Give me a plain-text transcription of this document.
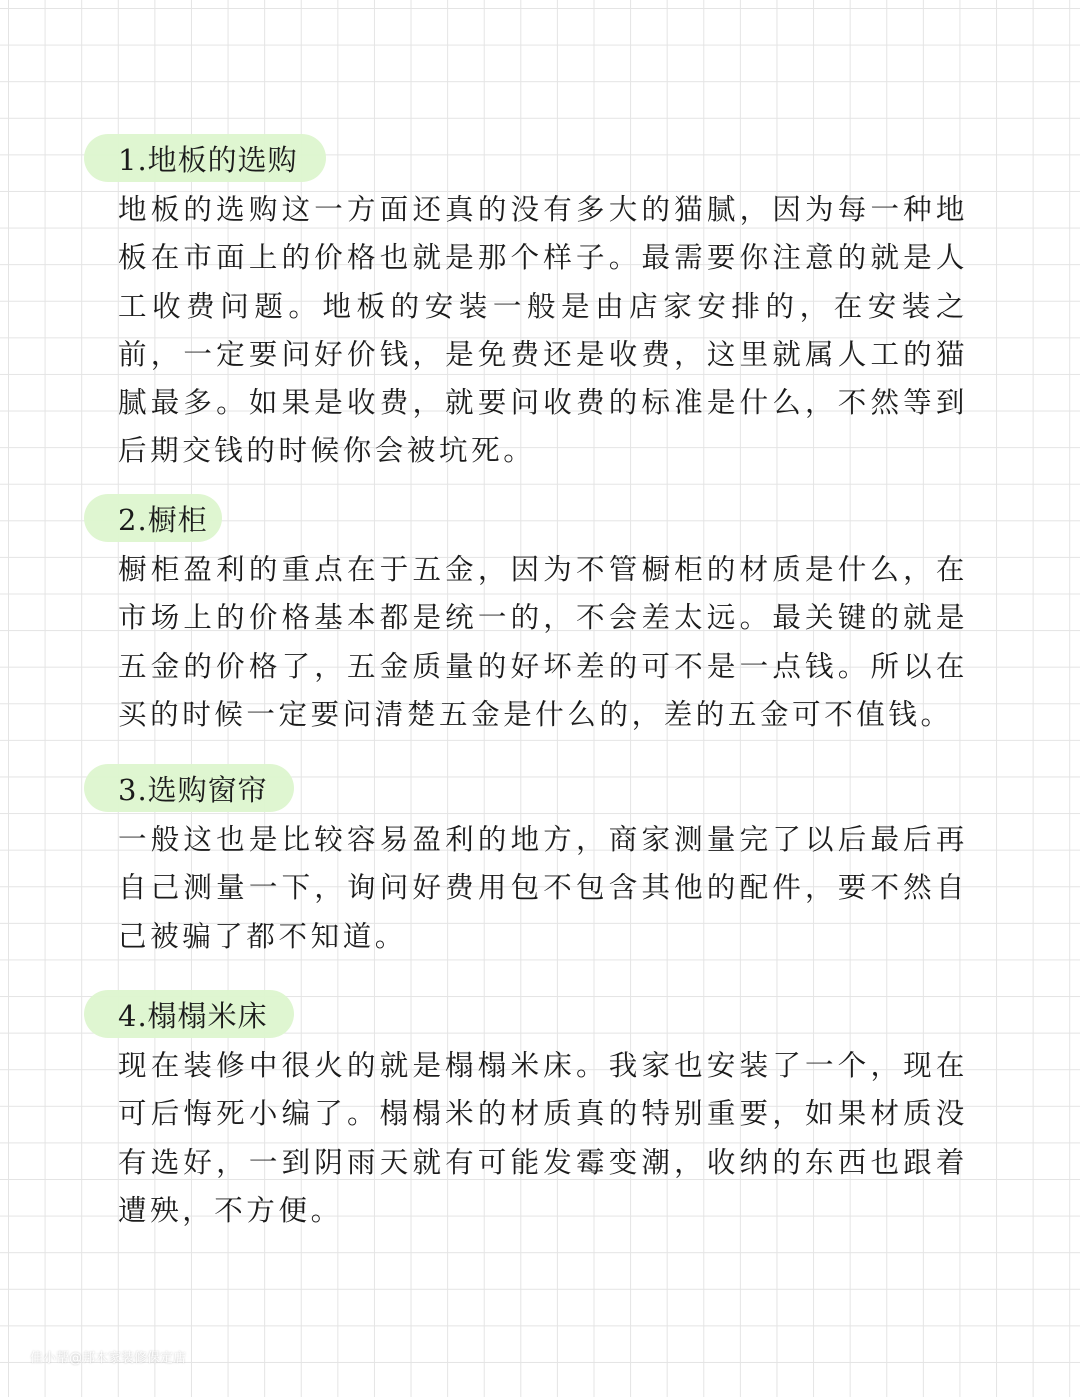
1.地板的选购

地板的选购这一方面还真的没有多大的猫腻，因为每一种地板在市面上的价格也就是那个样子。最需要你注意的就是人工收费问题。地板的安装一般是由店家安排的，在安装之前，一定要问好价钱，是免费还是收费，这里就属人工的猫腻最多。如果是收费，就要问收费的标准是什么，不然等到后期交钱的时候你会被坑死。

2.橱柜

橱柜盈利的重点在于五金，因为不管橱柜的材质是什么，在市场上的价格基本都是统一的，不会差太远。最关键的就是五金的价格了，五金质量的好坏差的可不是一点钱。所以在买的时候一定要问清楚五金是什么的，差的五金可不值钱。

3.选购窗帘

一般这也是比较容易盈利的地方，商家测量完了以后最后再自己测量一下，询问好费用包不包含其他的配件，要不然自己被骗了都不知道。

4.榻榻米床

现在装修中很火的就是榻榻米床。我家也安装了一个，现在可后悔死小编了。榻榻米的材质真的特别重要，如果材质没有选好，一到阴雨天就有可能发霉变潮，收纳的东西也跟着遭殃，不方便。

佳小帮@邦木家装修保定店
